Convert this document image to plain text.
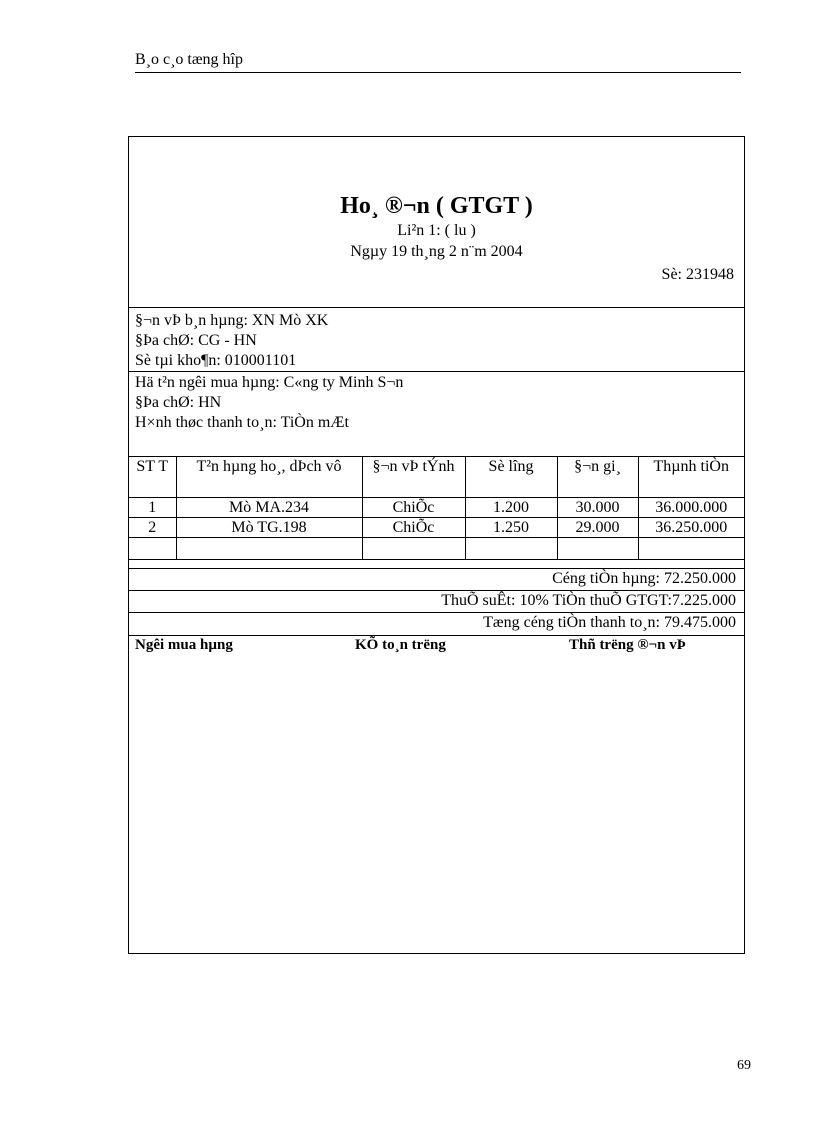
B¸o c¸o tæng hîp
Ho¸ ®¬n ( GTGT )
Li²n 1: ( lu )
Ngµy 19 th¸ng 2 n¨m 2004
Sè: 231948
§¬n vÞ b¸n hµng: XN Mò XK
§Þa chØ: CG - HN
Sè tµi kho¶n: 010001101
Hä t²n ngêi mua hµng: C«ng ty Minh S¬n
§Þa chØ: HN
H×nh thøc thanh to¸n: TiÒn mÆt
ST T	T²n hµng ho¸, dÞch vô	§¬n vÞ tÝnh	Sè lîng	§¬n gi¸	Thµnh tiÒn
1	Mò MA.234	ChiÕc	1.200	30.000	36.000.000
2	Mò TG.198	ChiÕc	1.250	29.000	36.250.000

Céng tiÒn hµng: 72.250.000
ThuÕ suÊt: 10% TiÒn thuÕ GTGT:7.225.000
Tæng céng tiÒn thanh to¸n: 79.475.000
Ngêi mua hµng	KÕ to¸n trëng	Thñ trëng ®¬n vÞ
69
